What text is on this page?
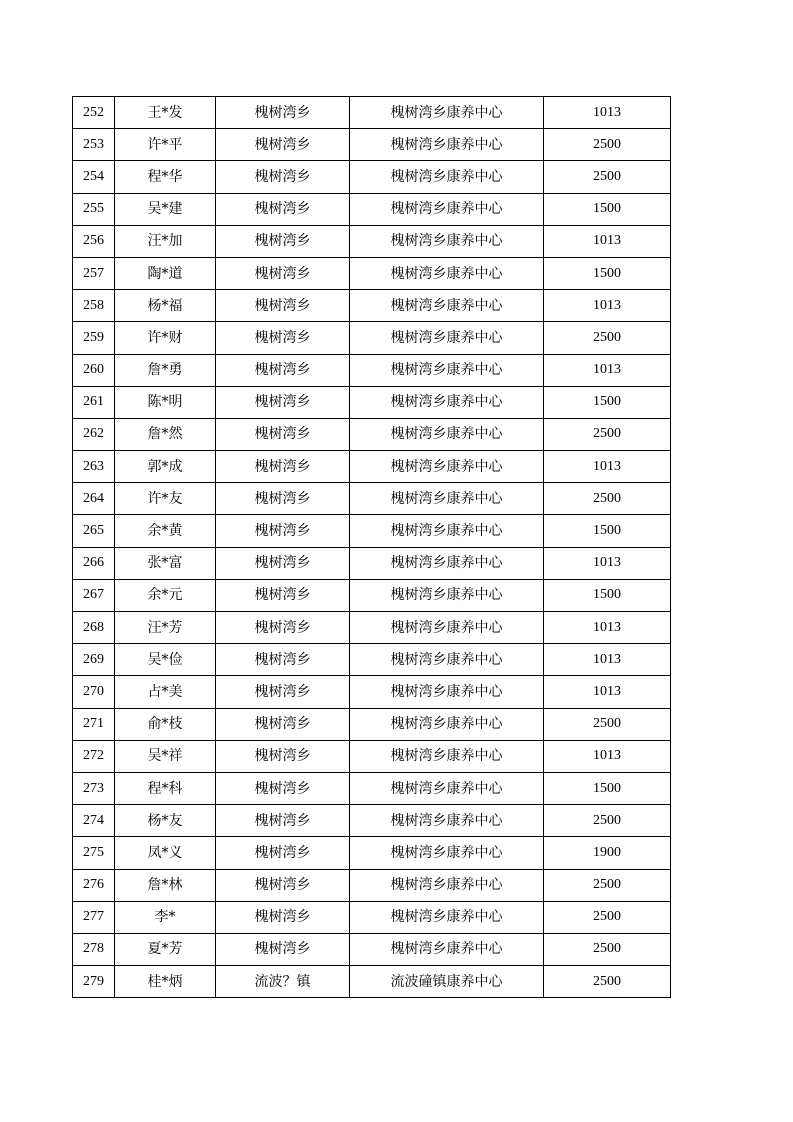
252	王*发	槐树湾乡	槐树湾乡康养中心	1013
253	许*平	槐树湾乡	槐树湾乡康养中心	2500
254	程*华	槐树湾乡	槐树湾乡康养中心	2500
255	吴*建	槐树湾乡	槐树湾乡康养中心	1500
256	汪*加	槐树湾乡	槐树湾乡康养中心	1013
257	陶*道	槐树湾乡	槐树湾乡康养中心	1500
258	杨*福	槐树湾乡	槐树湾乡康养中心	1013
259	许*财	槐树湾乡	槐树湾乡康养中心	2500
260	詹*勇	槐树湾乡	槐树湾乡康养中心	1013
261	陈*明	槐树湾乡	槐树湾乡康养中心	1500
262	詹*然	槐树湾乡	槐树湾乡康养中心	2500
263	郭*成	槐树湾乡	槐树湾乡康养中心	1013
264	许*友	槐树湾乡	槐树湾乡康养中心	2500
265	余*黄	槐树湾乡	槐树湾乡康养中心	1500
266	张*富	槐树湾乡	槐树湾乡康养中心	1013
267	余*元	槐树湾乡	槐树湾乡康养中心	1500
268	汪*芳	槐树湾乡	槐树湾乡康养中心	1013
269	吴*俭	槐树湾乡	槐树湾乡康养中心	1013
270	占*美	槐树湾乡	槐树湾乡康养中心	1013
271	俞*枝	槐树湾乡	槐树湾乡康养中心	2500
272	吴*祥	槐树湾乡	槐树湾乡康养中心	1013
273	程*科	槐树湾乡	槐树湾乡康养中心	1500
274	杨*友	槐树湾乡	槐树湾乡康养中心	2500
275	凤*义	槐树湾乡	槐树湾乡康养中心	1900
276	詹*林	槐树湾乡	槐树湾乡康养中心	2500
277	李*	槐树湾乡	槐树湾乡康养中心	2500
278	夏*芳	槐树湾乡	槐树湾乡康养中心	2500
279	桂*炳	流波？镇	流波䃥镇康养中心	2500
